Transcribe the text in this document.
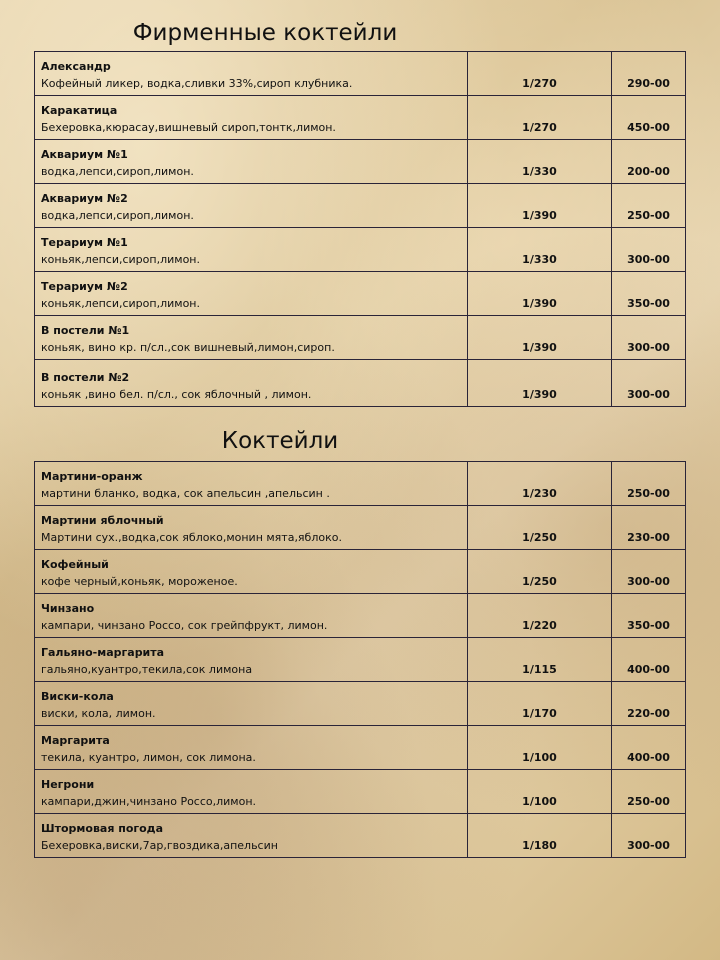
Фирменные коктейли
Александр
Кофейный ликер, водка,сливки 33%,сироп клубника.	1/270	290-00

Каракатица
Бехеровка,кюрасау,вишневый сироп,тонтк,лимон.	1/270	450-00

Аквариум №1
водка,лепси,сироп,лимон.	1/330	200-00

Аквариум №2
водка,лепси,сироп,лимон.	1/390	250-00

Терариум №1
коньяк,лепси,сироп,лимон.	1/330	300-00

Терариум №2
коньяк,лепси,сироп,лимон.	1/390	350-00

В постели №1
коньяк, вино кр. п/сл.,сок вишневый,лимон,сироп.	1/390	300-00

В постели №2
коньяк ,вино бел. п/сл., сок яблочный , лимон.	1/390	300-00
Коктейли
Мартини-оранж
мартини бланко, водка, сок апельсин ,апельсин .	1/230	250-00

Мартини яблочный
Мартини сух.,водка,сок яблоко,монин мята,яблоко.	1/250	230-00

Кофейный
кофе черный,коньяк, мороженое.	1/250	300-00

Чинзано
кампари, чинзано Россо, сок грейпфрукт, лимон.	1/220	350-00

Гальяно-маргарита
гальяно,куантро,текила,сок лимона	1/115	400-00

Виски-кола
виски, кола, лимон.	1/170	220-00

Маргарита
текила, куантро, лимон, сок лимона.	1/100	400-00

Негрони
кампари,джин,чинзано Россо,лимон.	1/100	250-00

Штормовая погода
Бехеровка,виски,7ар,гвоздика,апельсин	1/180	300-00
